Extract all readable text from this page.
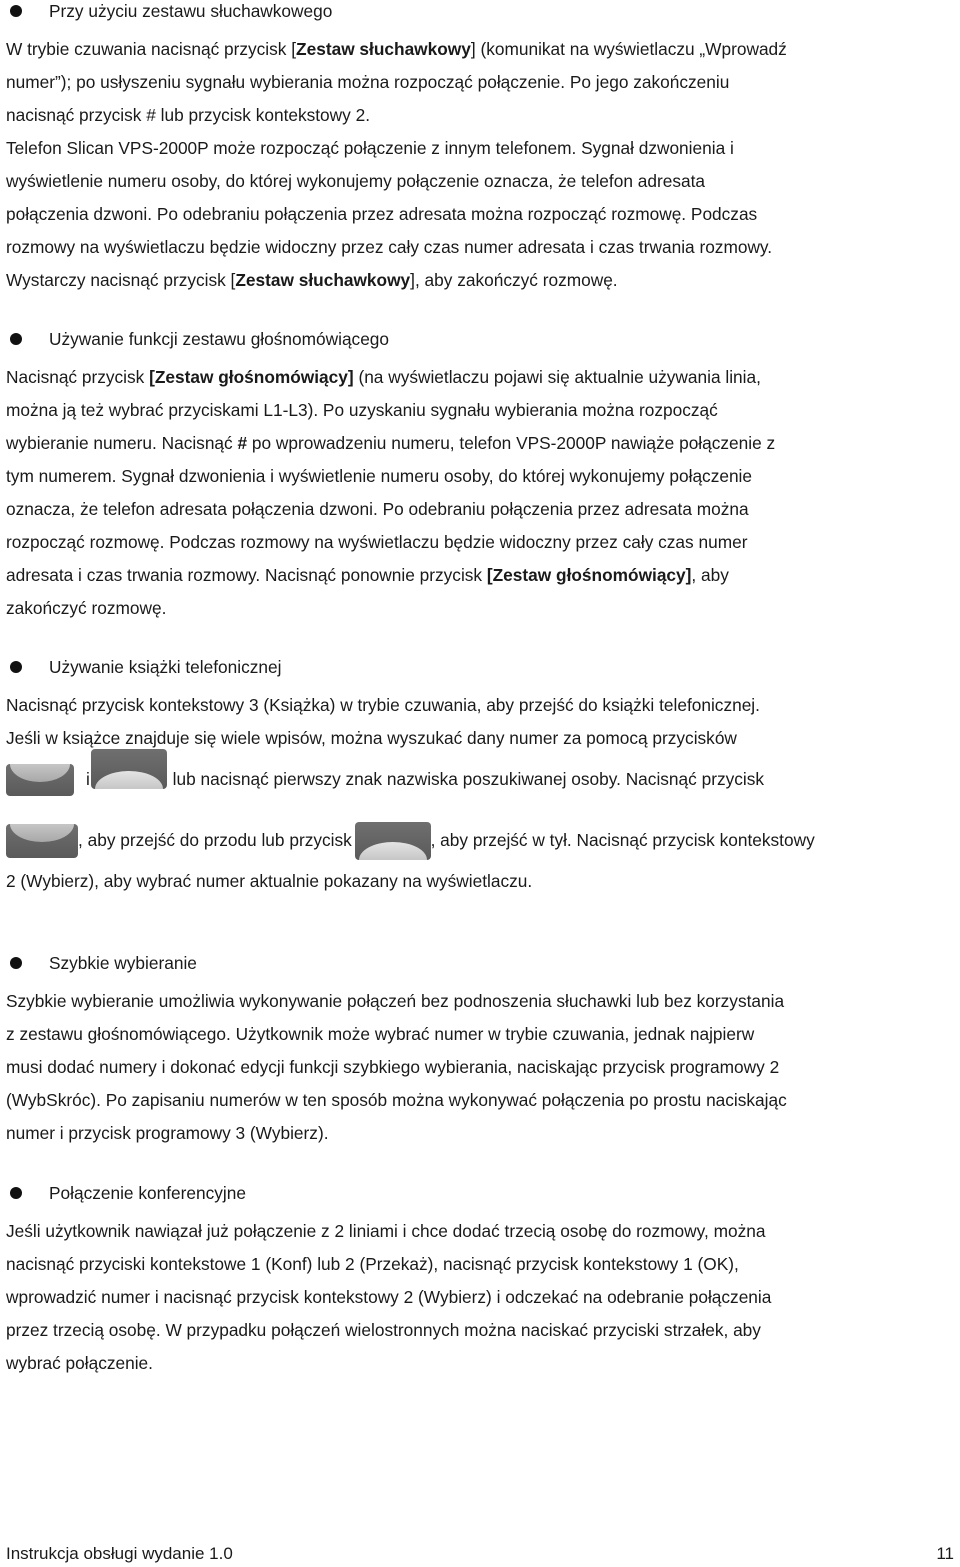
Przy użyciu zestawu słuchawkowego
W trybie czuwania nacisnąć przycisk [Zestaw słuchawkowy] (komunikat na wyświetlaczu „Wprowadź
numer”); po usłyszeniu sygnału wybierania można rozpocząć połączenie. Po jego zakończeniu
nacisnąć przycisk # lub przycisk kontekstowy 2.
Telefon Slican VPS-2000P może rozpocząć połączenie z innym telefonem. Sygnał dzwonienia i
wyświetlenie numeru osoby, do której wykonujemy połączenie oznacza, że telefon adresata
połączenia dzwoni. Po odebraniu połączenia przez adresata można rozpocząć rozmowę. Podczas
rozmowy na wyświetlaczu będzie widoczny przez cały czas numer adresata i czas trwania rozmowy.
Wystarczy nacisnąć przycisk [Zestaw słuchawkowy], aby zakończyć rozmowę.
Używanie funkcji zestawu głośnomówiącego
Nacisnąć przycisk [Zestaw głośnomówiący] (na wyświetlaczu pojawi się aktualnie używania linia,
można ją też wybrać przyciskami L1-L3). Po uzyskaniu sygnału wybierania można rozpocząć
wybieranie numeru. Nacisnąć # po wprowadzeniu numeru, telefon VPS-2000P nawiąże połączenie z
tym numerem. Sygnał dzwonienia i wyświetlenie numeru osoby, do której wykonujemy połączenie
oznacza, że telefon adresata połączenia dzwoni. Po odebraniu połączenia przez adresata można
rozpocząć rozmowę. Podczas rozmowy na wyświetlaczu będzie widoczny przez cały czas numer
adresata i czas trwania rozmowy. Nacisnąć ponownie przycisk [Zestaw głośnomówiący], aby
zakończyć rozmowę.
Używanie książki telefonicznej
Nacisnąć przycisk kontekstowy 3 (Książka) w trybie czuwania, aby przejść do książki telefonicznej.
Jeśli w książce znajduje się wiele wpisów, można wyszukać dany numer za pomocą przycisków
i	lub nacisnąć pierwszy znak nazwiska poszukiwanej osoby. Nacisnąć przycisk
, aby przejść do przodu lub przycisk	, aby przejść w tył. Nacisnąć przycisk kontekstowy
2 (Wybierz), aby wybrać numer aktualnie pokazany na wyświetlaczu.
Szybkie wybieranie
Szybkie wybieranie umożliwia wykonywanie połączeń bez podnoszenia słuchawki lub bez korzystania
z zestawu głośnomówiącego. Użytkownik może wybrać numer w trybie czuwania, jednak najpierw
musi dodać numery i dokonać edycji funkcji szybkiego wybierania, naciskając przycisk programowy 2
(WybSkróc). Po zapisaniu numerów w ten sposób można wykonywać połączenia po prostu naciskając
numer i przycisk programowy 3 (Wybierz).
Połączenie konferencyjne
Jeśli użytkownik nawiązał już połączenie z 2 liniami i chce dodać trzecią osobę do rozmowy, można
nacisnąć przyciski kontekstowe 1 (Konf) lub 2 (Przekaż), nacisnąć przycisk kontekstowy 1 (OK),
wprowadzić numer i nacisnąć przycisk kontekstowy 2 (Wybierz) i odczekać na odebranie połączenia
przez trzecią osobę. W przypadku połączeń wielostronnych można naciskać przyciski strzałek, aby
wybrać połączenie.
Instrukcja obsługi wydanie 1.0	11
